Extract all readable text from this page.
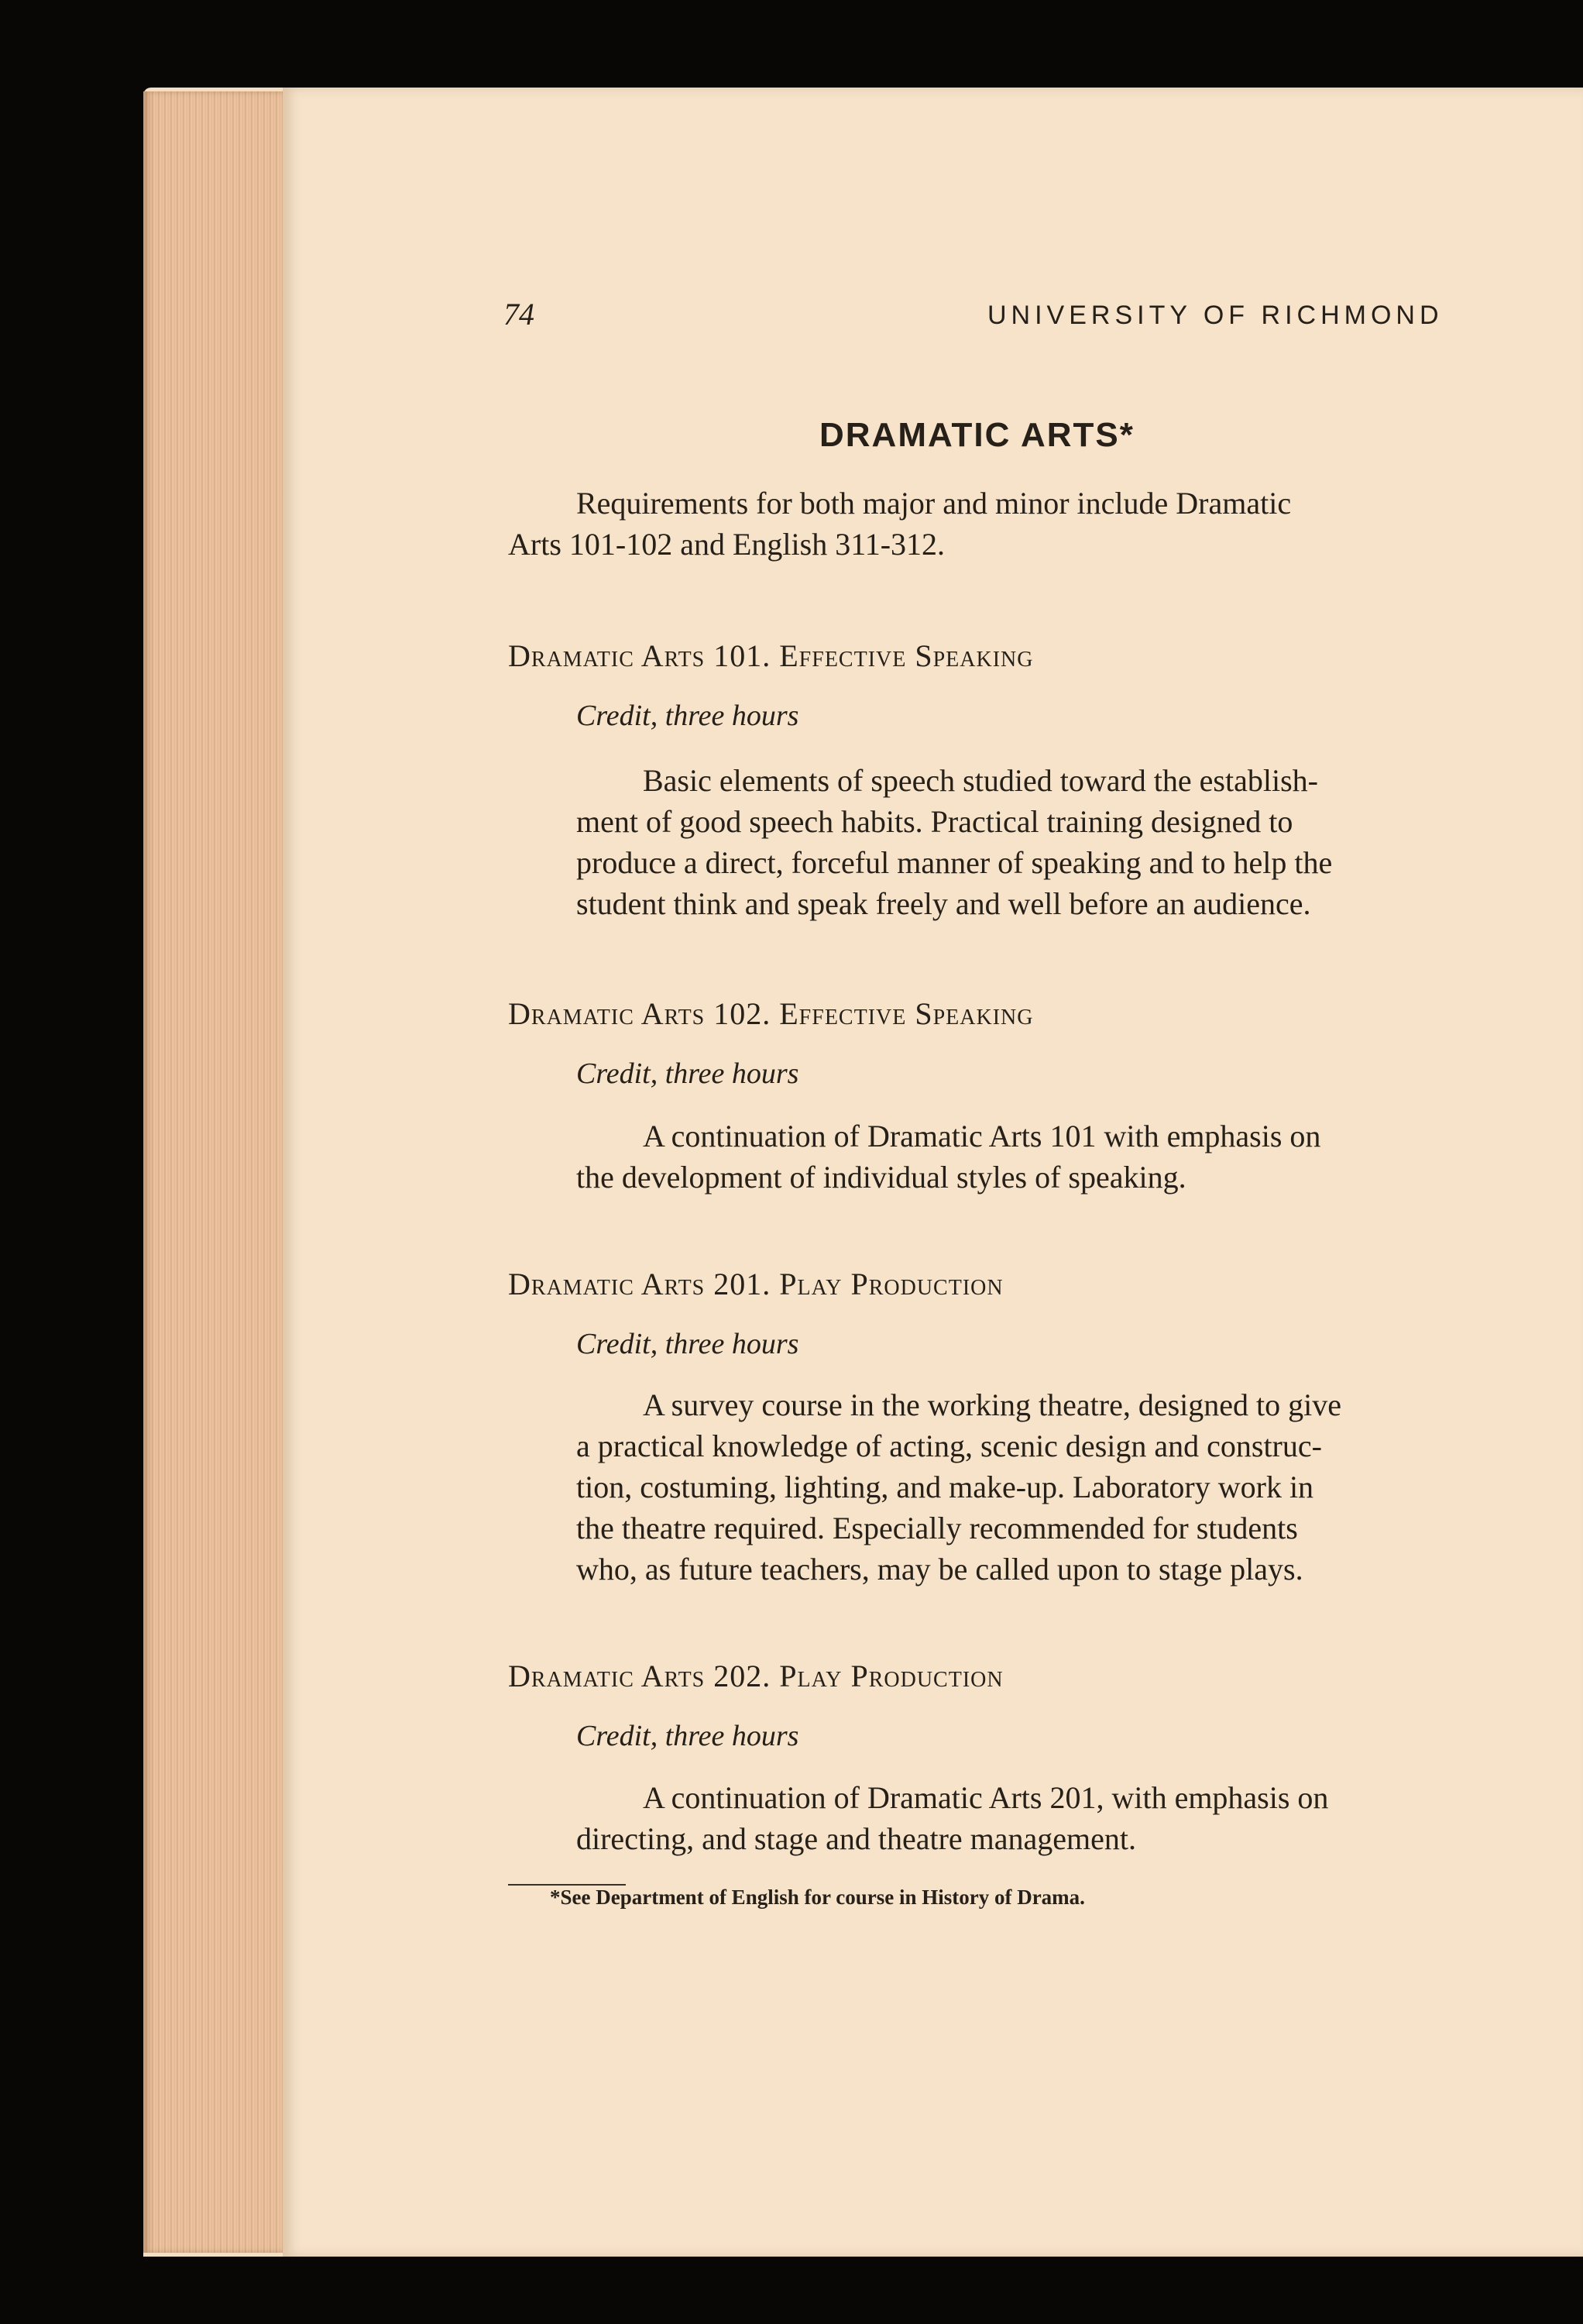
74	UNIVERSITY OF RICHMOND
DRAMATIC ARTS*
Requirements for both major and minor include Dramatic
Arts 101-102 and English 311-312.
Dramatic Arts 101. Effective Speaking
Credit, three hours
Basic elements of speech studied toward the establish-
ment of good speech habits. Practical training designed to
produce a direct, forceful manner of speaking and to help the
student think and speak freely and well before an audience.
Dramatic Arts 102. Effective Speaking
Credit, three hours
A continuation of Dramatic Arts 101 with emphasis on
the development of individual styles of speaking.
Dramatic Arts 201. Play Production
Credit, three hours
A survey course in the working theatre, designed to give
a practical knowledge of acting, scenic design and construc-
tion, costuming, lighting, and make-up. Laboratory work in
the theatre required. Especially recommended for students
who, as future teachers, may be called upon to stage plays.
Dramatic Arts 202. Play Production
Credit, three hours
A continuation of Dramatic Arts 201, with emphasis on
directing, and stage and theatre management.
*See Department of English for course in History of Drama.
